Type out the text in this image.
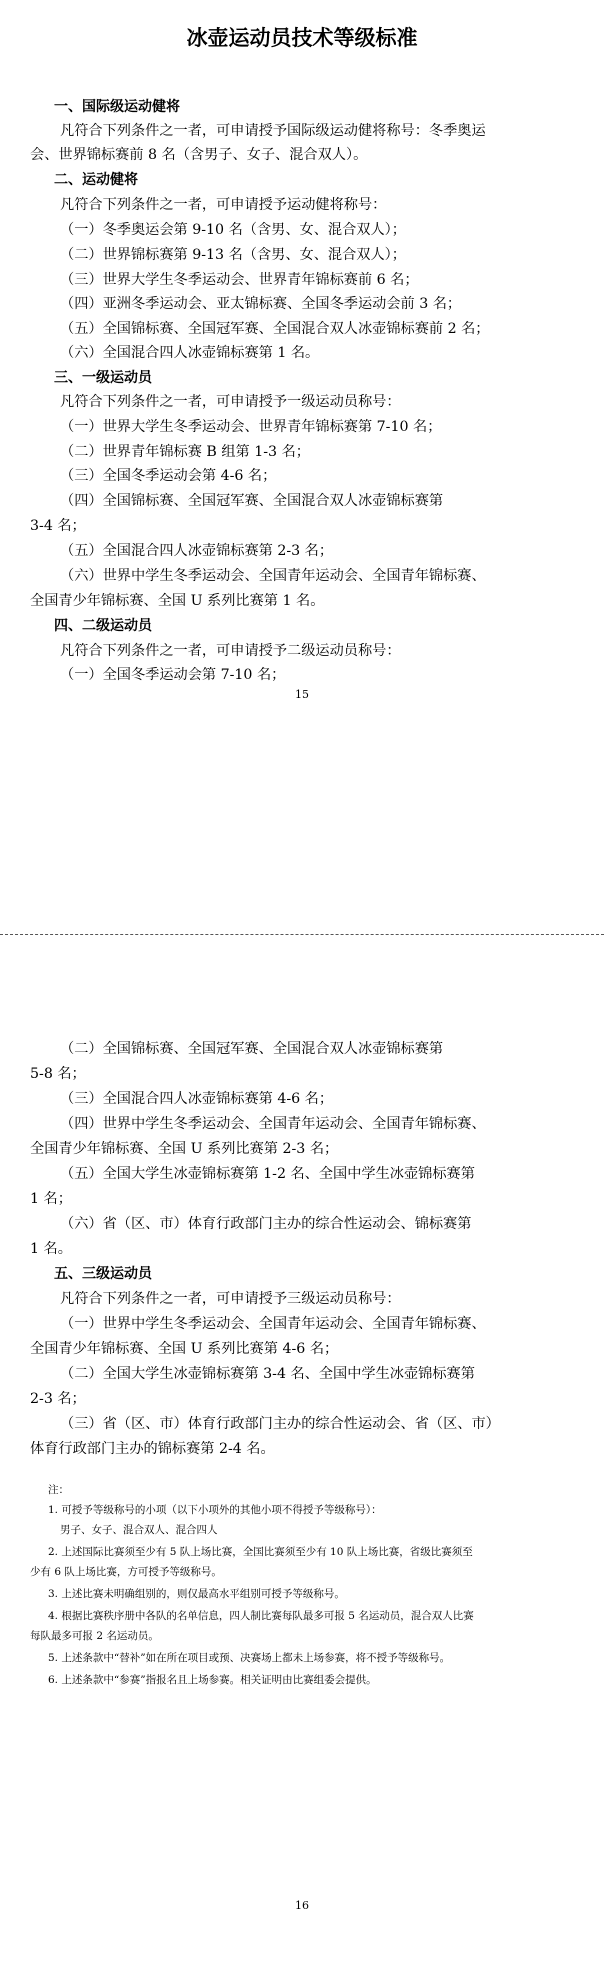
冰壶运动员技术等级标准
一、国际级运动健将
凡符合下列条件之一者，可申请授予国际级运动健将称号：冬季奥运
会、世界锦标赛前 8 名（含男子、女子、混合双人）。
二、运动健将
凡符合下列条件之一者，可申请授予运动健将称号：
（一）冬季奥运会第 9-10 名（含男、女、混合双人）；
（二）世界锦标赛第 9-13 名（含男、女、混合双人）；
（三）世界大学生冬季运动会、世界青年锦标赛前 6 名；
（四）亚洲冬季运动会、亚太锦标赛、全国冬季运动会前 3 名；
（五）全国锦标赛、全国冠军赛、全国混合双人冰壶锦标赛前 2 名；
（六）全国混合四人冰壶锦标赛第 1 名。
三、一级运动员
凡符合下列条件之一者，可申请授予一级运动员称号：
（一）世界大学生冬季运动会、世界青年锦标赛第 7-10 名；
（二）世界青年锦标赛 B 组第 1-3 名；
（三）全国冬季运动会第 4-6 名；
（四）全国锦标赛、全国冠军赛、全国混合双人冰壶锦标赛第
3-4 名；
（五）全国混合四人冰壶锦标赛第 2-3 名；
（六）世界中学生冬季运动会、全国青年运动会、全国青年锦标赛、
全国青少年锦标赛、全国 U 系列比赛第 1 名。
四、二级运动员
凡符合下列条件之一者，可申请授予二级运动员称号：
（一）全国冬季运动会第 7-10 名；
15
（二）全国锦标赛、全国冠军赛、全国混合双人冰壶锦标赛第
5-8 名；
（三）全国混合四人冰壶锦标赛第 4-6 名；
（四）世界中学生冬季运动会、全国青年运动会、全国青年锦标赛、
全国青少年锦标赛、全国 U 系列比赛第 2-3 名；
（五）全国大学生冰壶锦标赛第 1-2 名、全国中学生冰壶锦标赛第
1 名；
（六）省（区、市）体育行政部门主办的综合性运动会、锦标赛第
1 名。
五、三级运动员
凡符合下列条件之一者，可申请授予三级运动员称号：
（一）世界中学生冬季运动会、全国青年运动会、全国青年锦标赛、
全国青少年锦标赛、全国 U 系列比赛第 4-6 名；
（二）全国大学生冰壶锦标赛第 3-4 名、全国中学生冰壶锦标赛第
2-3 名；
（三）省（区、市）体育行政部门主办的综合性运动会、省（区、市）
体育行政部门主办的锦标赛第 2-4 名。
注：
1. 可授予等级称号的小项（以下小项外的其他小项不得授予等级称号）：
男子、女子、混合双人、混合四人
2. 上述国际比赛须至少有 5 队上场比赛，全国比赛须至少有 10 队上场比赛，省级比赛须至
少有 6 队上场比赛，方可授予等级称号。
3. 上述比赛未明确组别的，则仅最高水平组别可授予等级称号。
4. 根据比赛秩序册中各队的名单信息，四人制比赛每队最多可报 5 名运动员，混合双人比赛
每队最多可报 2 名运动员。
5. 上述条款中“替补”如在所在项目或预、决赛场上都未上场参赛，将不授予等级称号。
6. 上述条款中“参赛”指报名且上场参赛。相关证明由比赛组委会提供。
16
